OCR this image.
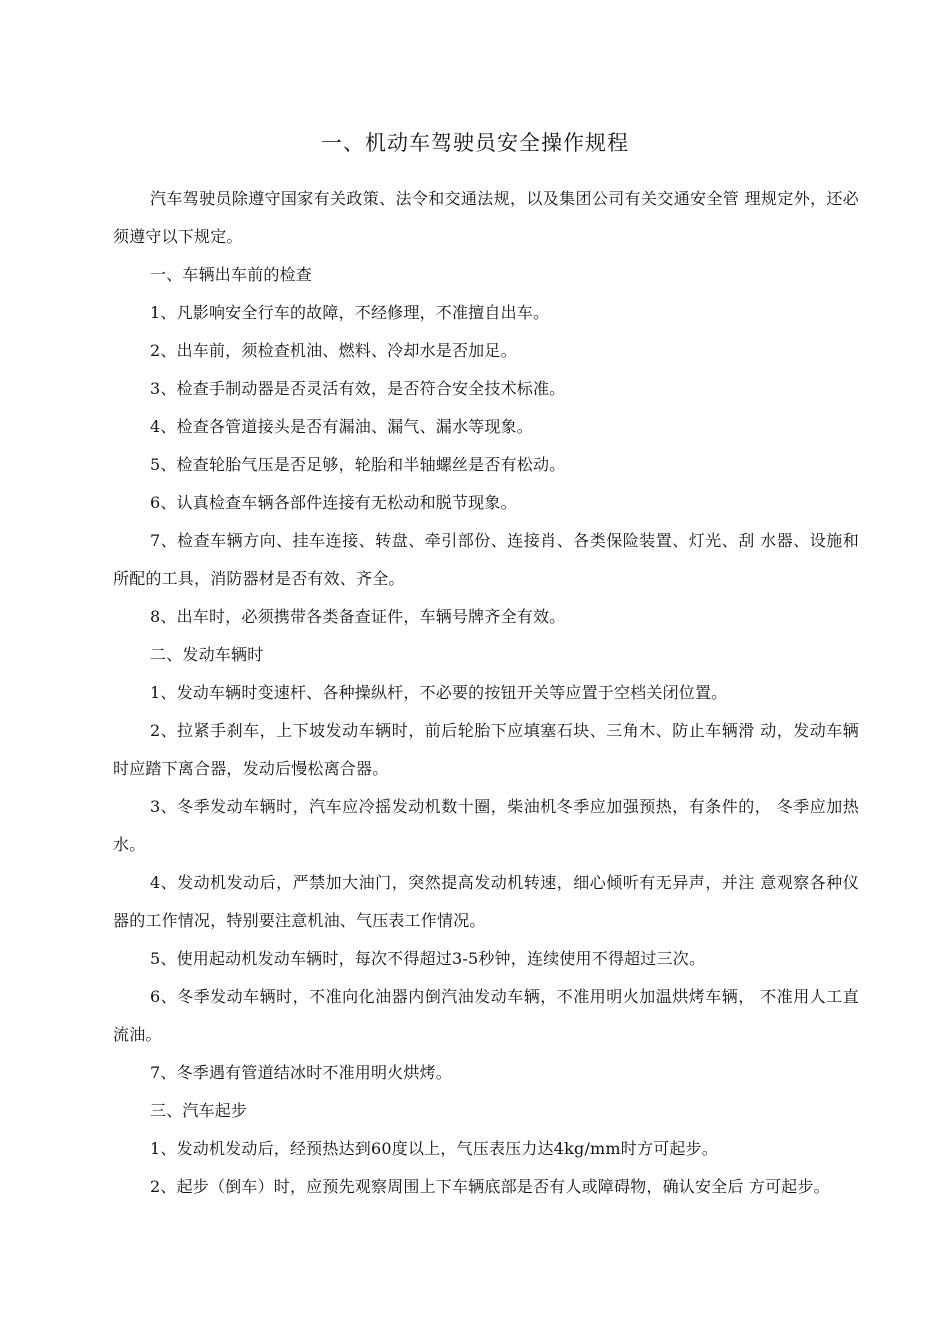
一、机动车驾驶员安全操作规程

汽车驾驶员除遵守国家有关政策、法令和交通法规，以及集团公司有关交通安全管 理规定外，还必须遵守以下规定。

一、车辆出车前的检查

1、凡影响安全行车的故障，不经修理，不准擅自出车。

2、出车前，须检查机油、燃料、冷却水是否加足。

3、检查手制动器是否灵活有效，是否符合安全技术标准。

4、检查各管道接头是否有漏油、漏气、漏水等现象。

5、检查轮胎气压是否足够，轮胎和半轴螺丝是否有松动。

6、认真检查车辆各部件连接有无松动和脱节现象。

7、检查车辆方向、挂车连接、转盘、牵引部份、连接肖、各类保险装置、灯光、刮 水器、设施和所配的工具，消防器材是否有效、齐全。

8、出车时，必须携带各类备查证件，车辆号牌齐全有效。

二、发动车辆时

1、发动车辆时变速杆、各种操纵杆，不必要的按钮开关等应置于空档关闭位置。

2、拉紧手刹车，上下坡发动车辆时，前后轮胎下应填塞石块、三角木、防止车辆滑 动，发动车辆时应踏下离合器，发动后慢松离合器。

3、冬季发动车辆时，汽车应冷摇发动机数十圈，柴油机冬季应加强预热，有条件的， 冬季应加热水。

4、发动机发动后，严禁加大油门，突然提高发动机转速，细心倾听有无异声，并注 意观察各种仪器的工作情况，特别要注意机油、气压表工作情况。

5、使用起动机发动车辆时，每次不得超过3-5秒钟，连续使用不得超过三次。

6、冬季发动车辆时，不准向化油器内倒汽油发动车辆，不准用明火加温烘烤车辆， 不准用人工直流油。

7、冬季遇有管道结冰时不准用明火烘烤。

三、汽车起步

1、发动机发动后，经预热达到60度以上，气压表压力达4kg/mm时方可起步。

2、起步（倒车）时，应预先观察周围上下车辆底部是否有人或障碍物，确认安全后 方可起步。
